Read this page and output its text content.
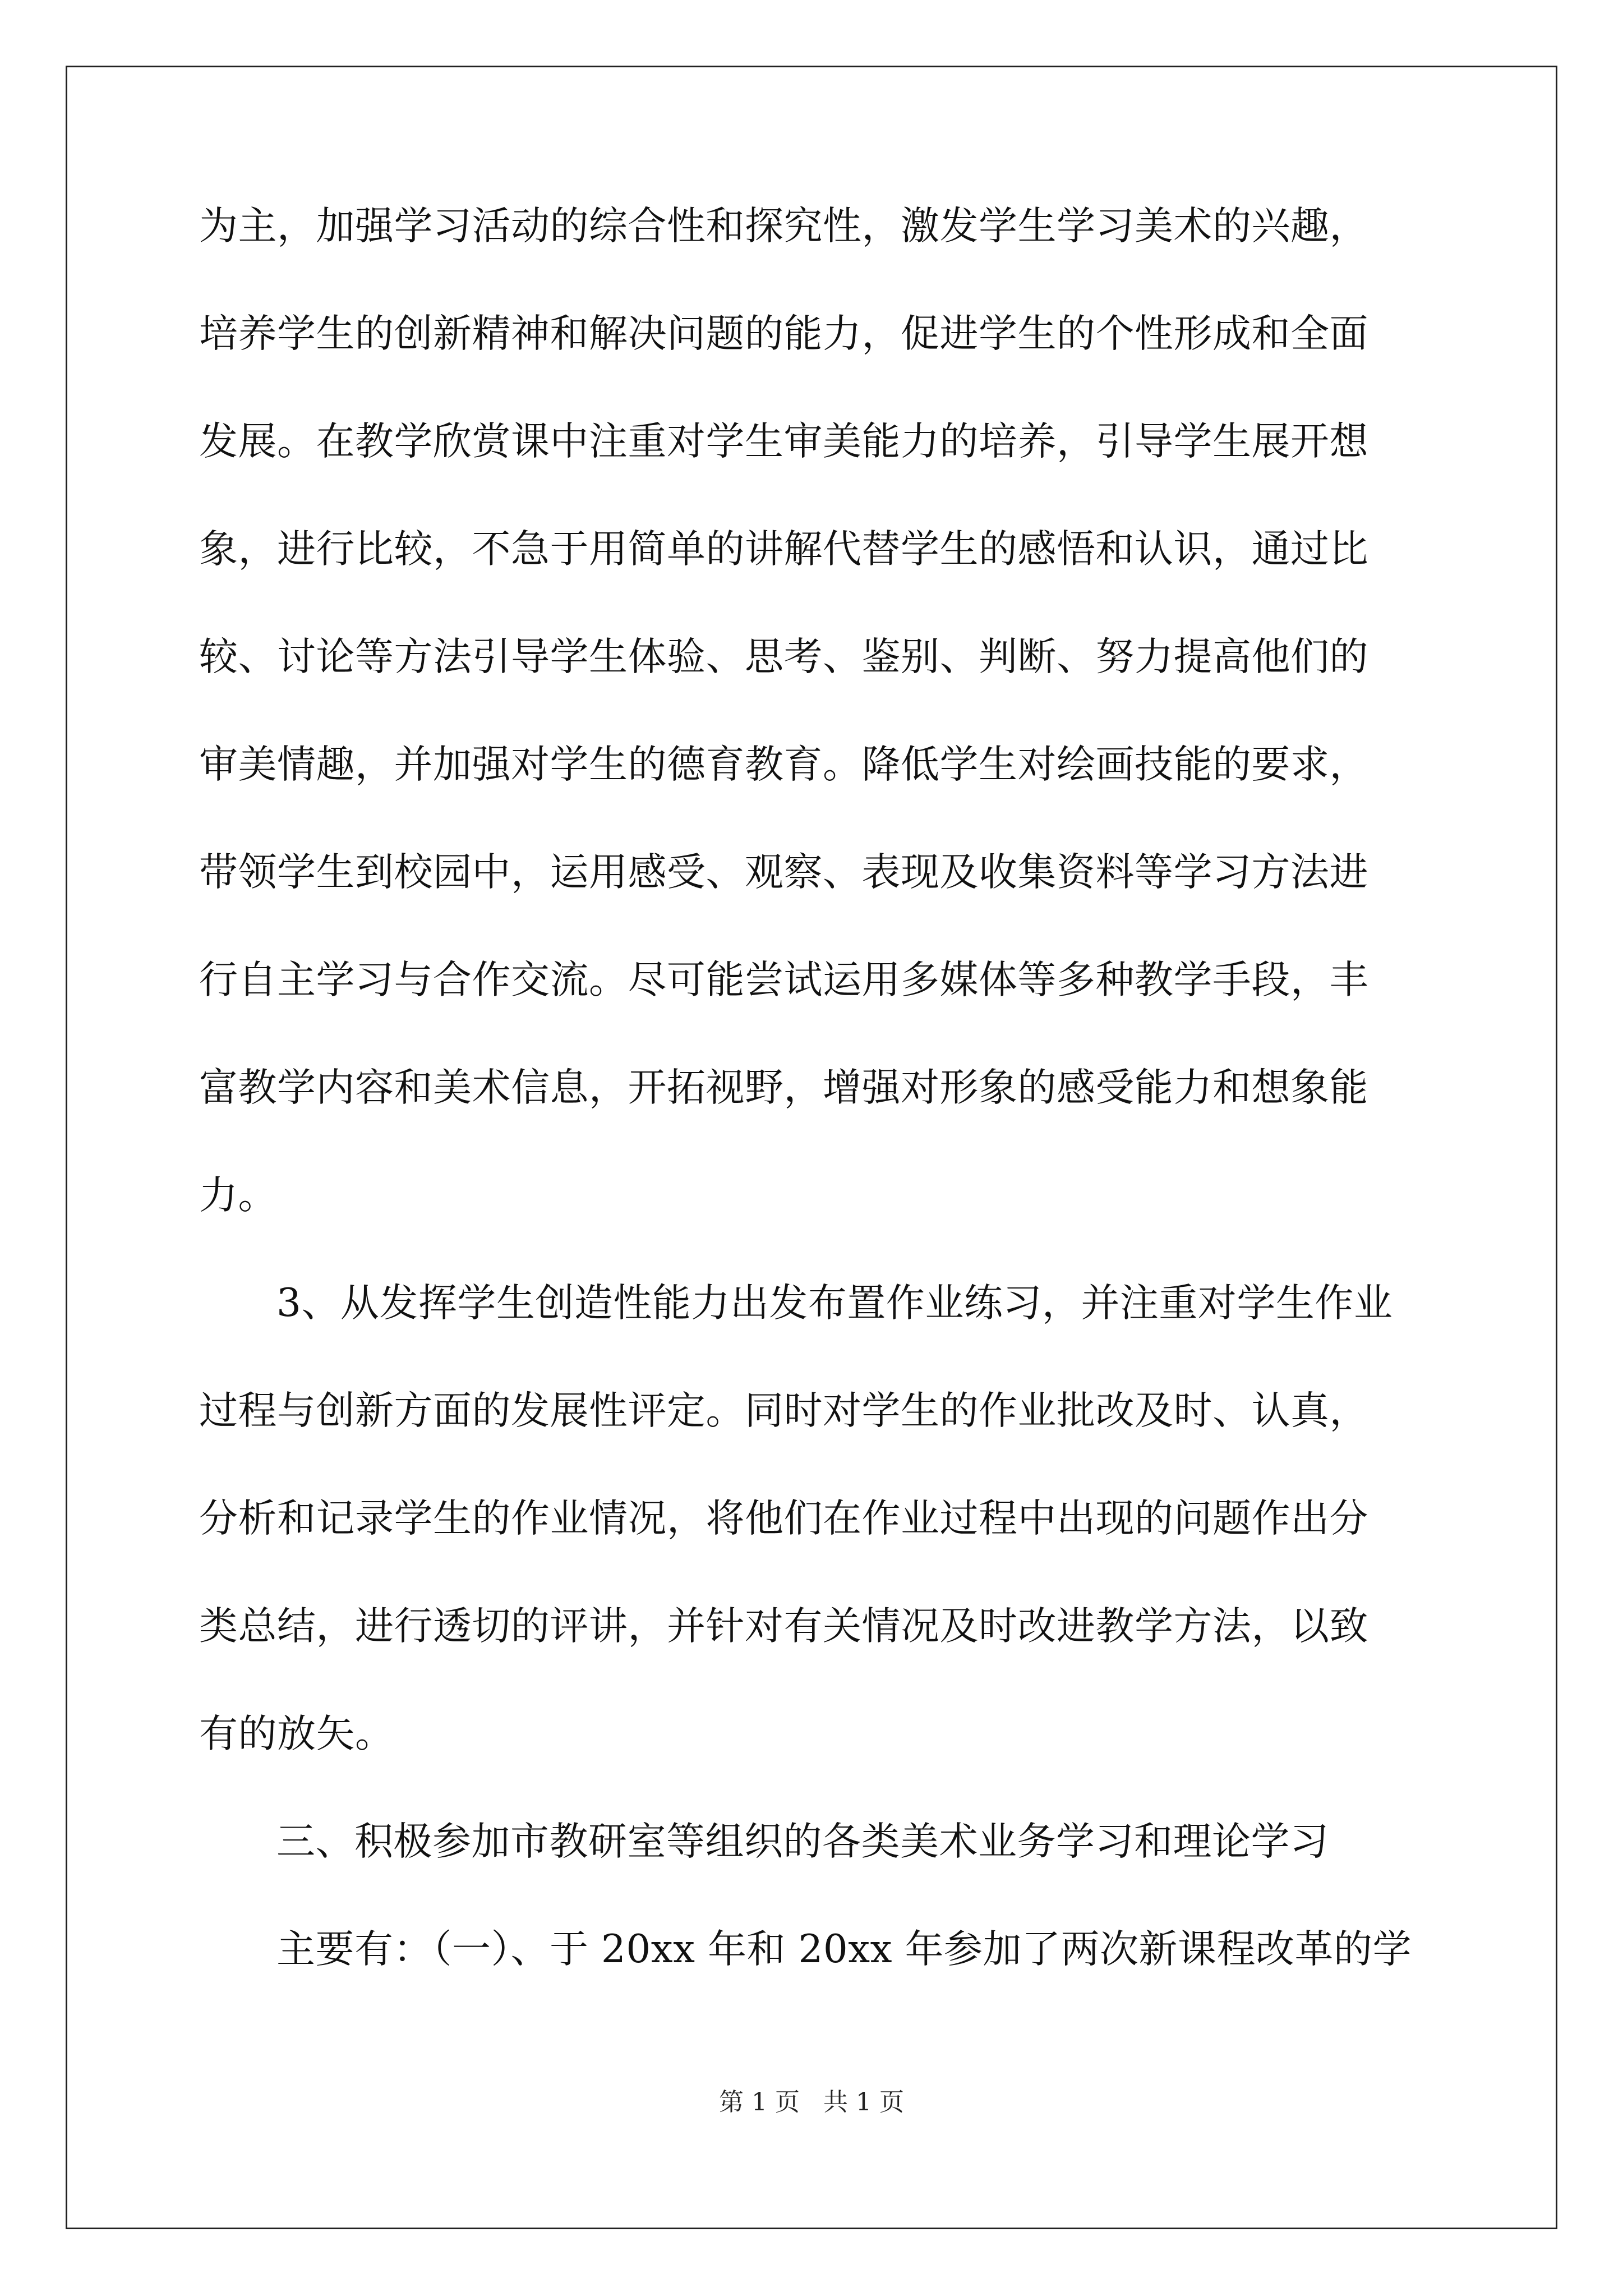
为主，加强学习活动的综合性和探究性，激发学生学习美术的兴趣，
培养学生的创新精神和解决问题的能力，促进学生的个性形成和全面
发展。在教学欣赏课中注重对学生审美能力的培养，引导学生展开想
象，进行比较，不急于用简单的讲解代替学生的感悟和认识，通过比
较、讨论等方法引导学生体验、思考、鉴别、判断、努力提高他们的
审美情趣，并加强对学生的德育教育。降低学生对绘画技能的要求，
带领学生到校园中，运用感受、观察、表现及收集资料等学习方法进
行自主学习与合作交流。尽可能尝试运用多媒体等多种教学手段，丰
富教学内容和美术信息，开拓视野，增强对形象的感受能力和想象能
力。
3、从发挥学生创造性能力出发布置作业练习，并注重对学生作业
过程与创新方面的发展性评定。同时对学生的作业批改及时、认真，
分析和记录学生的作业情况，将他们在作业过程中出现的问题作出分
类总结，进行透切的评讲，并针对有关情况及时改进教学方法，以致
有的放矢。
三、积极参加市教研室等组织的各类美术业务学习和理论学习
主要有：（一）、于 20xx 年和 20xx 年参加了两次新课程改革的学
第 1 页 共 1 页
